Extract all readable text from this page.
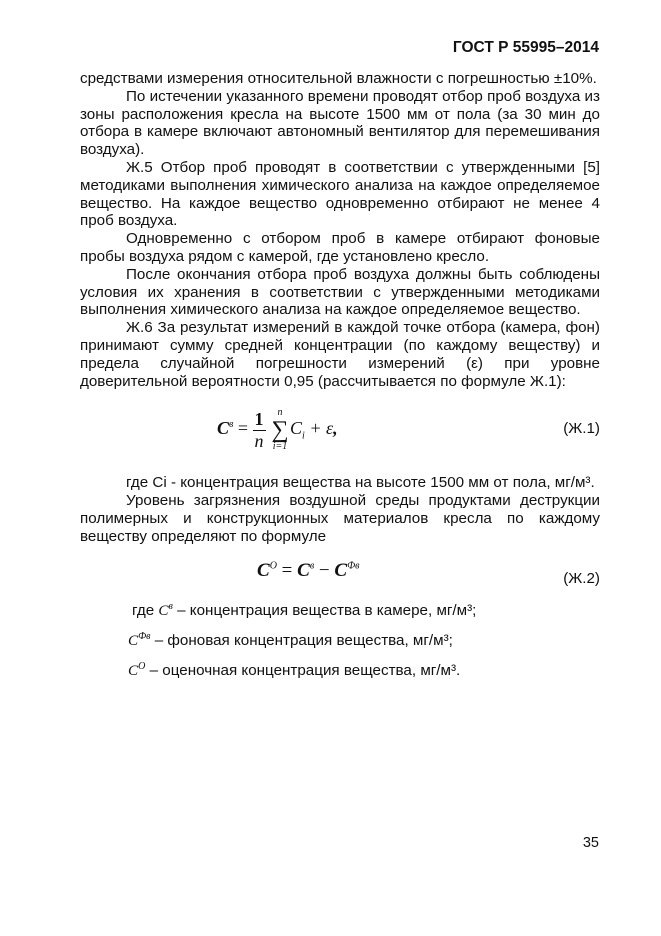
ГОСТ Р 55995–2014

средствами измерения относительной влажности с погрешностью ±10%.

По истечении указанного времени проводят отбор проб воздуха из зоны расположения кресла на высоте 1500 мм от пола (за 30 мин до отбора в камере включают автономный вентилятор для перемешивания воздуха).

Ж.5 Отбор проб проводят в соответствии с утвержденными [5] методиками выполнения химического анализа на каждое определяемое вещество. На каждое вещество одновременно отбирают не менее 4 проб воздуха.

Одновременно с отбором проб в камере отбирают фоновые пробы воздуха рядом с камерой, где установлено кресло.

После окончания отбора проб воздуха должны быть соблюдены условия их хранения в соответствии с утвержденными методиками выполнения химического анализа на каждое определяемое вещество.

Ж.6 За результат измерений в каждой точке отбора (камера, фон) принимают сумму средней концентрации (по каждому веществу) и предела случайной погрешности измерений (ε) при уровне доверительной вероятности 0,95 (рассчитывается по формуле Ж.1):

$C^в = \frac{1}{n}$
	n
∑
i=1
$C_i + \varepsilon$,	(Ж.1)

где Ci - концентрация вещества на высоте 1500 мм от пола, мг/м³.

Уровень загрязнения воздушной среды продуктами деструкции полимерных и конструкционных материалов кресла по каждому веществу определяют по формуле

$C^O = C^в - C^{Фв}$
(Ж.2)
где $C^в$ – концентрация вещества в камере, мг/м³;
$C^{Фв}$ – фоновая концентрация вещества, мг/м³;
$C^O$ – оценочная концентрация вещества, мг/м³.
35
